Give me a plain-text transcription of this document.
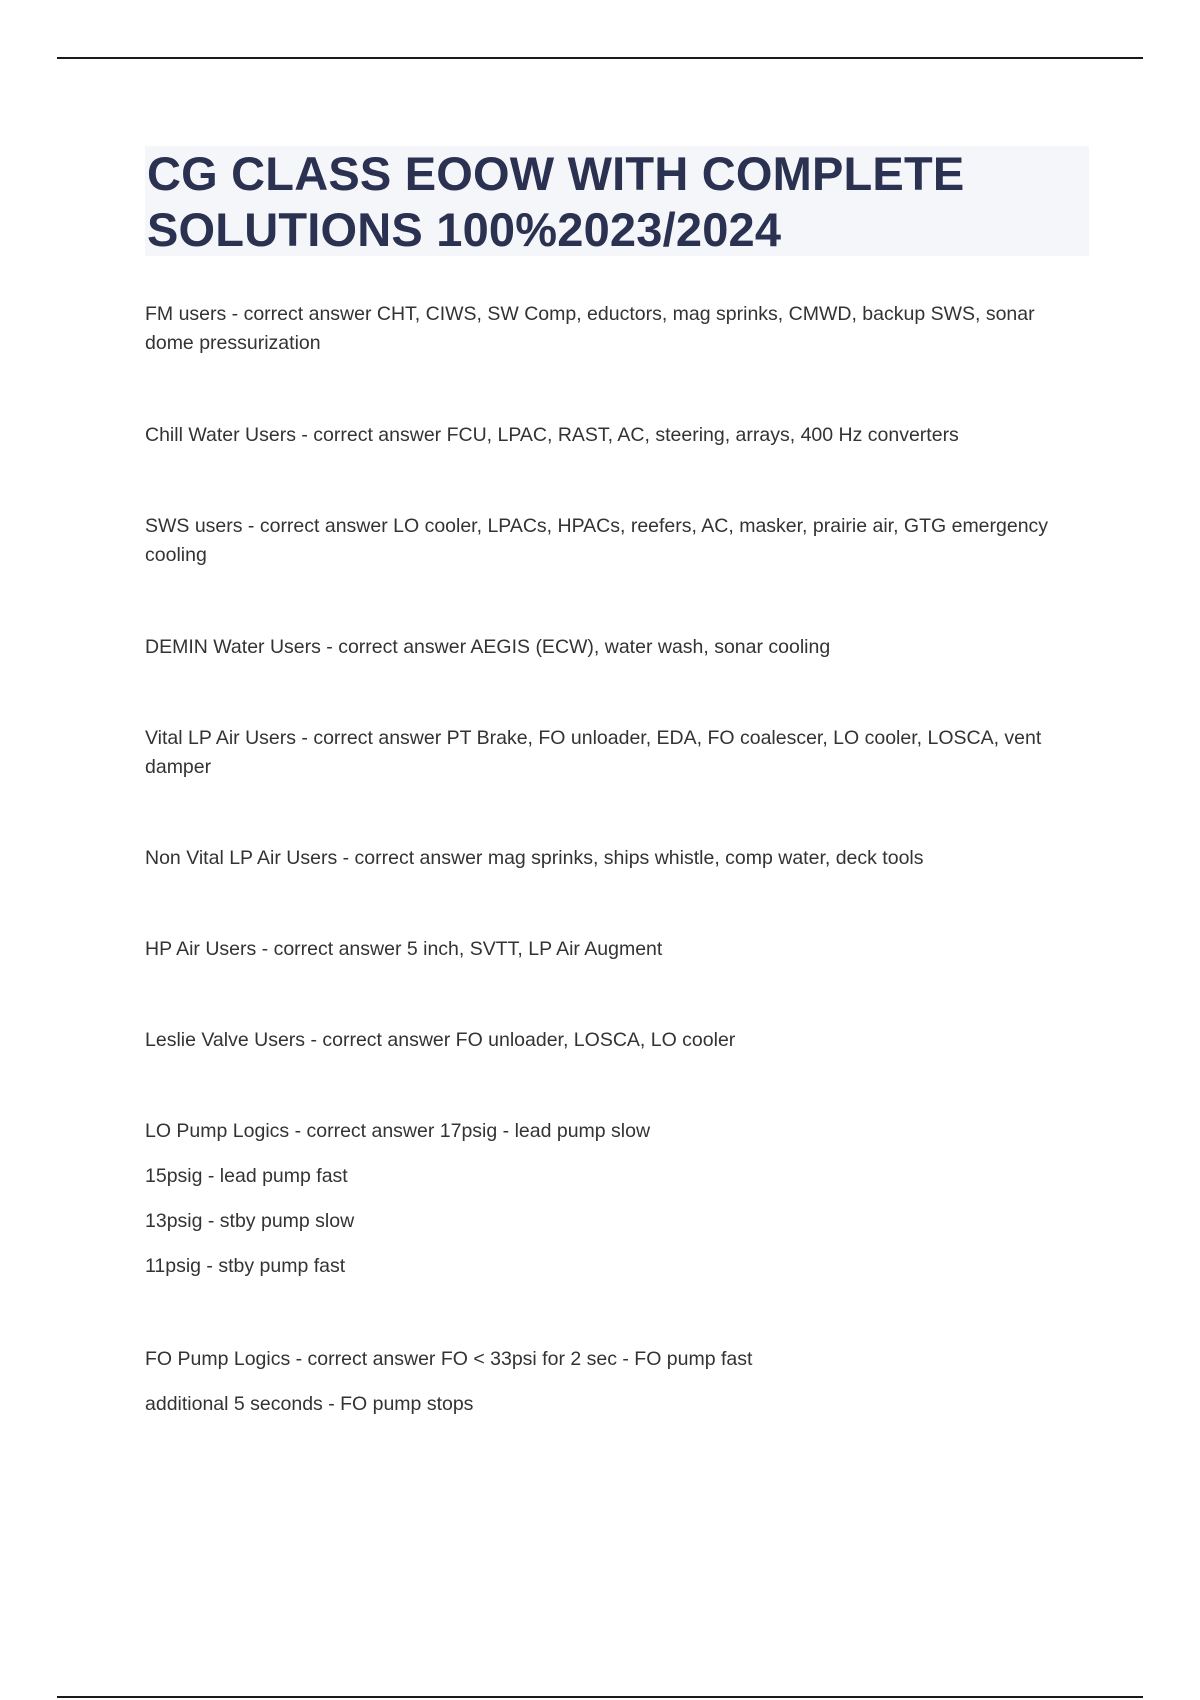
CG CLASS EOOW WITH COMPLETE SOLUTIONS 100%2023/2024

FM users - correct answer CHT, CIWS, SW Comp, eductors, mag sprinks, CMWD, backup SWS, sonar dome pressurization

Chill Water Users - correct answer FCU, LPAC, RAST, AC, steering, arrays, 400 Hz converters

SWS users - correct answer LO cooler, LPACs, HPACs, reefers, AC, masker, prairie air, GTG emergency cooling

DEMIN Water Users - correct answer AEGIS (ECW), water wash, sonar cooling

Vital LP Air Users - correct answer PT Brake, FO unloader, EDA, FO coalescer, LO cooler, LOSCA, vent damper

Non Vital LP Air Users - correct answer mag sprinks, ships whistle, comp water, deck tools

HP Air Users - correct answer 5 inch, SVTT, LP Air Augment

Leslie Valve Users - correct answer FO unloader, LOSCA, LO cooler

LO Pump Logics - correct answer 17psig - lead pump slow
15psig - lead pump fast
13psig - stby pump slow
11psig - stby pump fast

FO Pump Logics - correct answer FO < 33psi for 2 sec - FO pump fast
additional 5 seconds - FO pump stops
